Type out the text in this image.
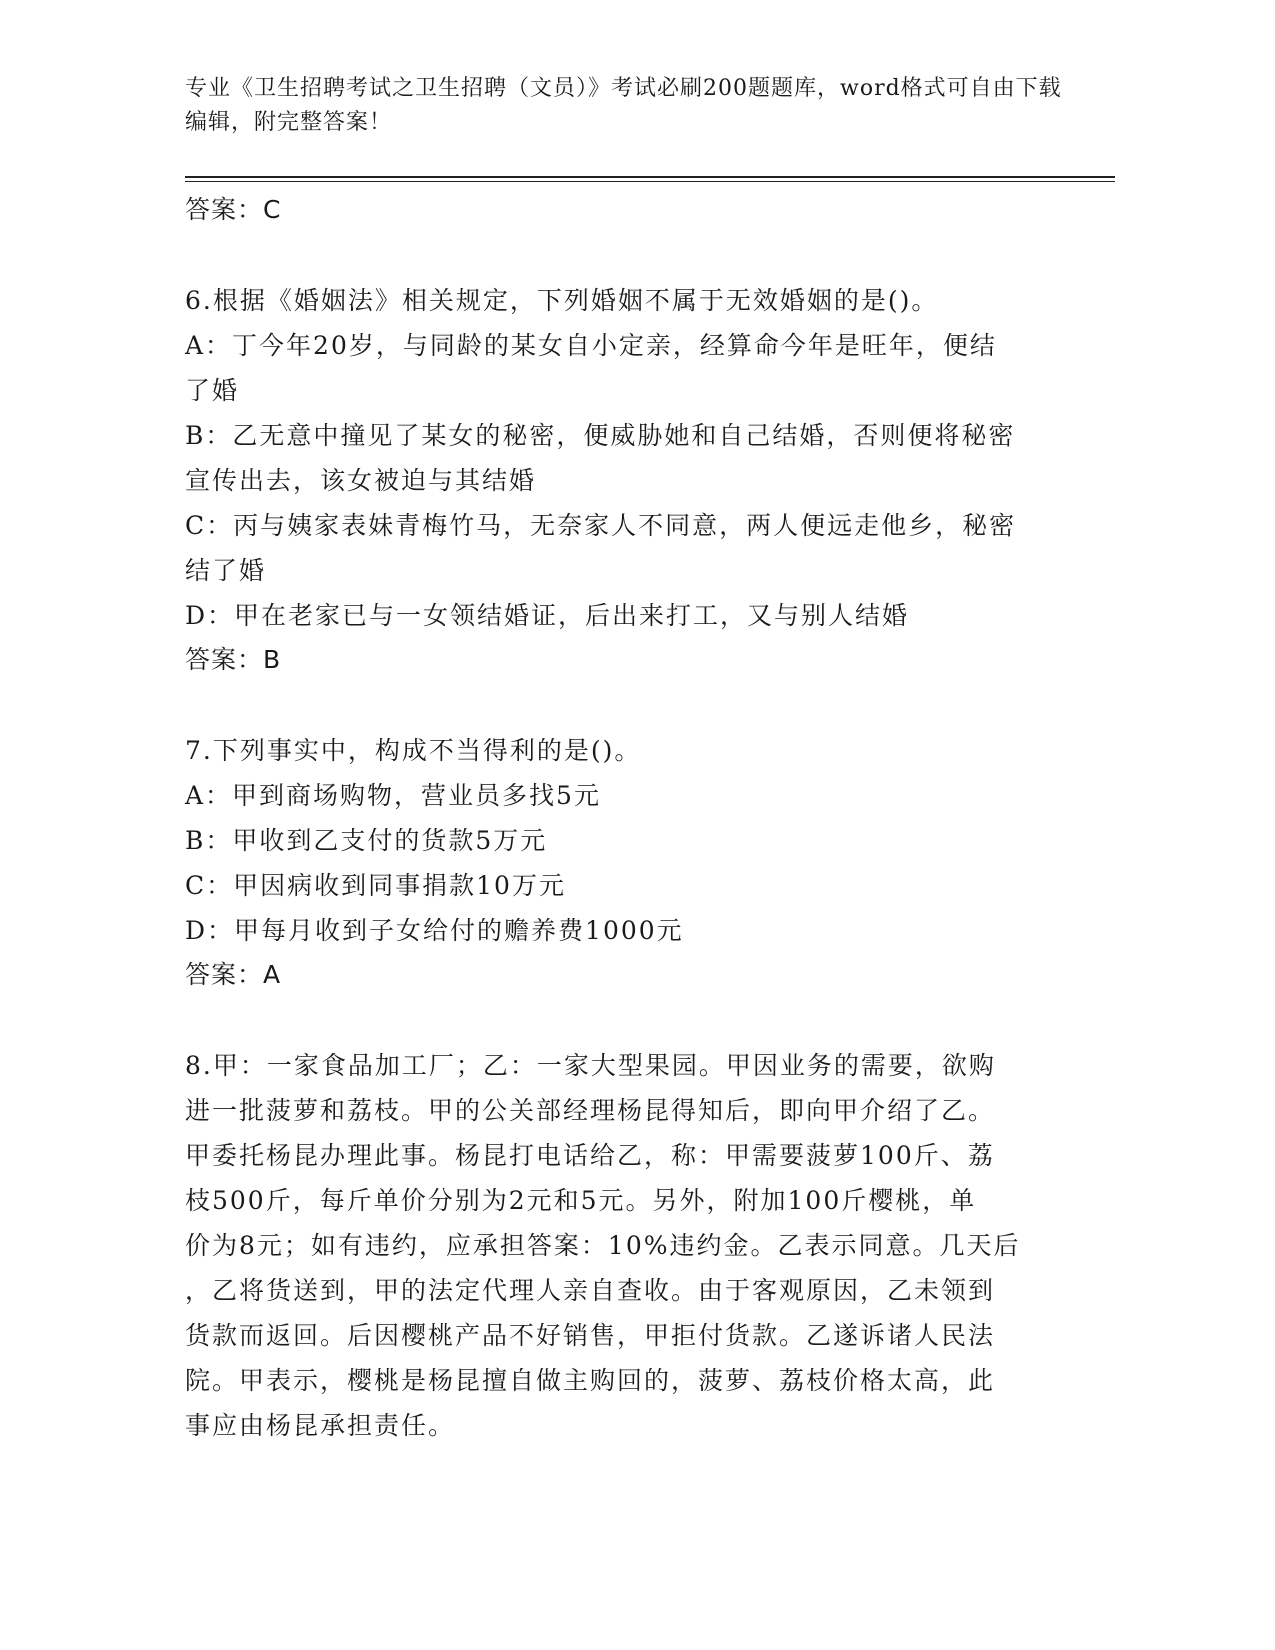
专业《卫生招聘考试之卫生招聘（文员）》考试必刷200题题库，word格式可自由下载编辑，附完整答案！
答案：C
6.根据《婚姻法》相关规定，下列婚姻不属于无效婚姻的是()。
A：丁今年20岁，与同龄的某女自小定亲，经算命今年是旺年，便结
了婚
B：乙无意中撞见了某女的秘密，便威胁她和自己结婚，否则便将秘密
宣传出去，该女被迫与其结婚
C：丙与姨家表妹青梅竹马，无奈家人不同意，两人便远走他乡，秘密
结了婚
D：甲在老家已与一女领结婚证，后出来打工，又与别人结婚
答案：B
7.下列事实中，构成不当得利的是()。
A：甲到商场购物，营业员多找5元
B：甲收到乙支付的货款5万元
C：甲因病收到同事捐款10万元
D：甲每月收到子女给付的赡养费1000元
答案：A
8.甲：一家食品加工厂；乙：一家大型果园。甲因业务的需要，欲购
进一批菠萝和荔枝。甲的公关部经理杨昆得知后，即向甲介绍了乙。
甲委托杨昆办理此事。杨昆打电话给乙，称：甲需要菠萝100斤、荔
枝500斤，每斤单价分别为2元和5元。另外，附加100斤樱桃，单
价为8元；如有违约，应承担答案：10%违约金。乙表示同意。几天后
，乙将货送到，甲的法定代理人亲自查收。由于客观原因，乙未领到
货款而返回。后因樱桃产品不好销售，甲拒付货款。乙遂诉诸人民法
院。甲表示，樱桃是杨昆擅自做主购回的，菠萝、荔枝价格太高，此
事应由杨昆承担责任。
